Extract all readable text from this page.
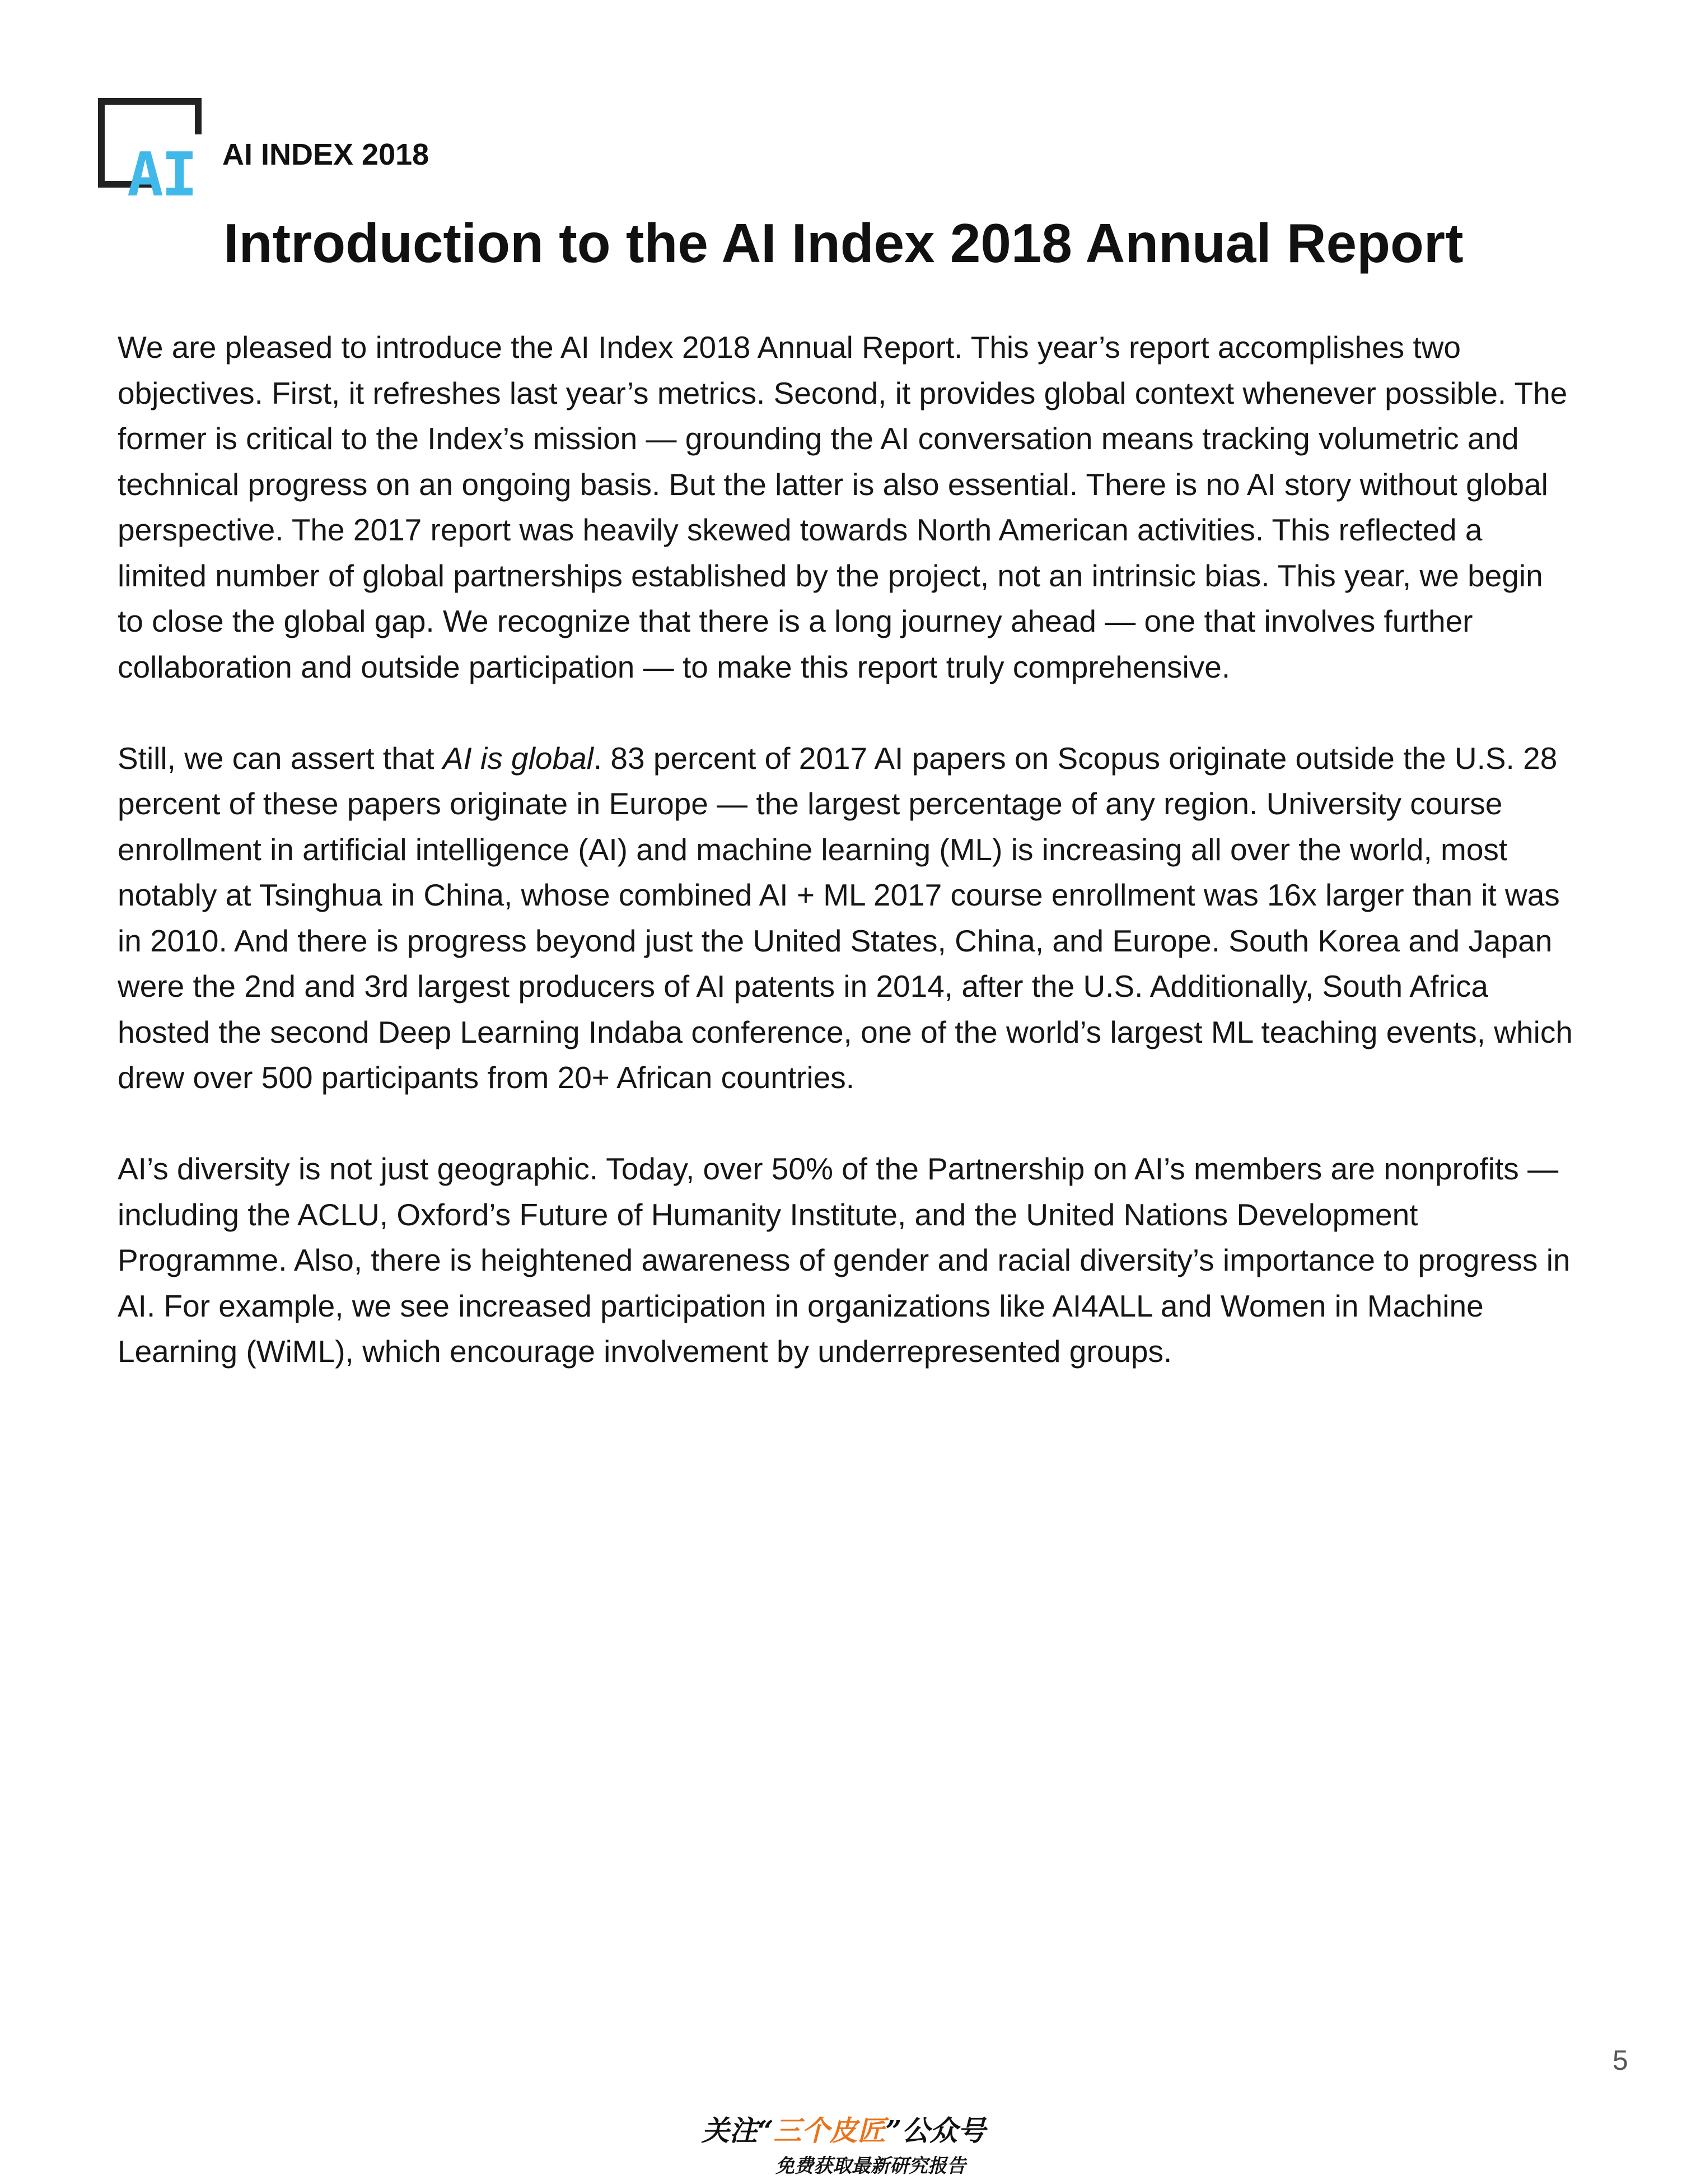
AI AI INDEX 2018
Introduction to the AI Index 2018 Annual Report

We are pleased to introduce the AI Index 2018 Annual Report. This year’s report accomplishes two objectives. First, it refreshes last year’s metrics. Second, it provides global context whenever possible. The former is critical to the Index’s mission — grounding the AI conversation means tracking volumetric and technical progress on an ongoing basis. But the latter is also essential. There is no AI story without global perspective. The 2017 report was heavily skewed towards North American activities. This reflected a limited number of global partnerships established by the project, not an intrinsic bias. This year, we begin to close the global gap. We recognize that there is a long journey ahead — one that involves further collaboration and outside participation — to make this report truly comprehensive.

Still, we can assert that AI is global. 83 percent of 2017 AI papers on Scopus originate outside the U.S. 28 percent of these papers originate in Europe — the largest percentage of any region. University course enrollment in artificial intelligence (AI) and machine learning (ML) is increasing all over the world, most notably at Tsinghua in China, whose combined AI + ML 2017 course enrollment was 16x larger than it was in 2010. And there is progress beyond just the United States, China, and Europe. South Korea and Japan were the 2nd and 3rd largest producers of AI patents in 2014, after the U.S. Additionally, South Africa hosted the second Deep Learning Indaba conference, one of the world’s largest ML teaching events, which drew over 500 participants from 20+ African countries.

AI’s diversity is not just geographic. Today, over 50% of the Partnership on AI’s members are nonprofits — including the ACLU, Oxford’s Future of Humanity Institute, and the United Nations Development Programme. Also, there is heightened awareness of gender and racial diversity’s importance to progress in AI. For example, we see increased participation in organizations like AI4ALL and Women in Machine Learning (WiML), which encourage involvement by underrepresented groups.

5
关注“三个皮匠”公众号
免费获取最新研究报告
